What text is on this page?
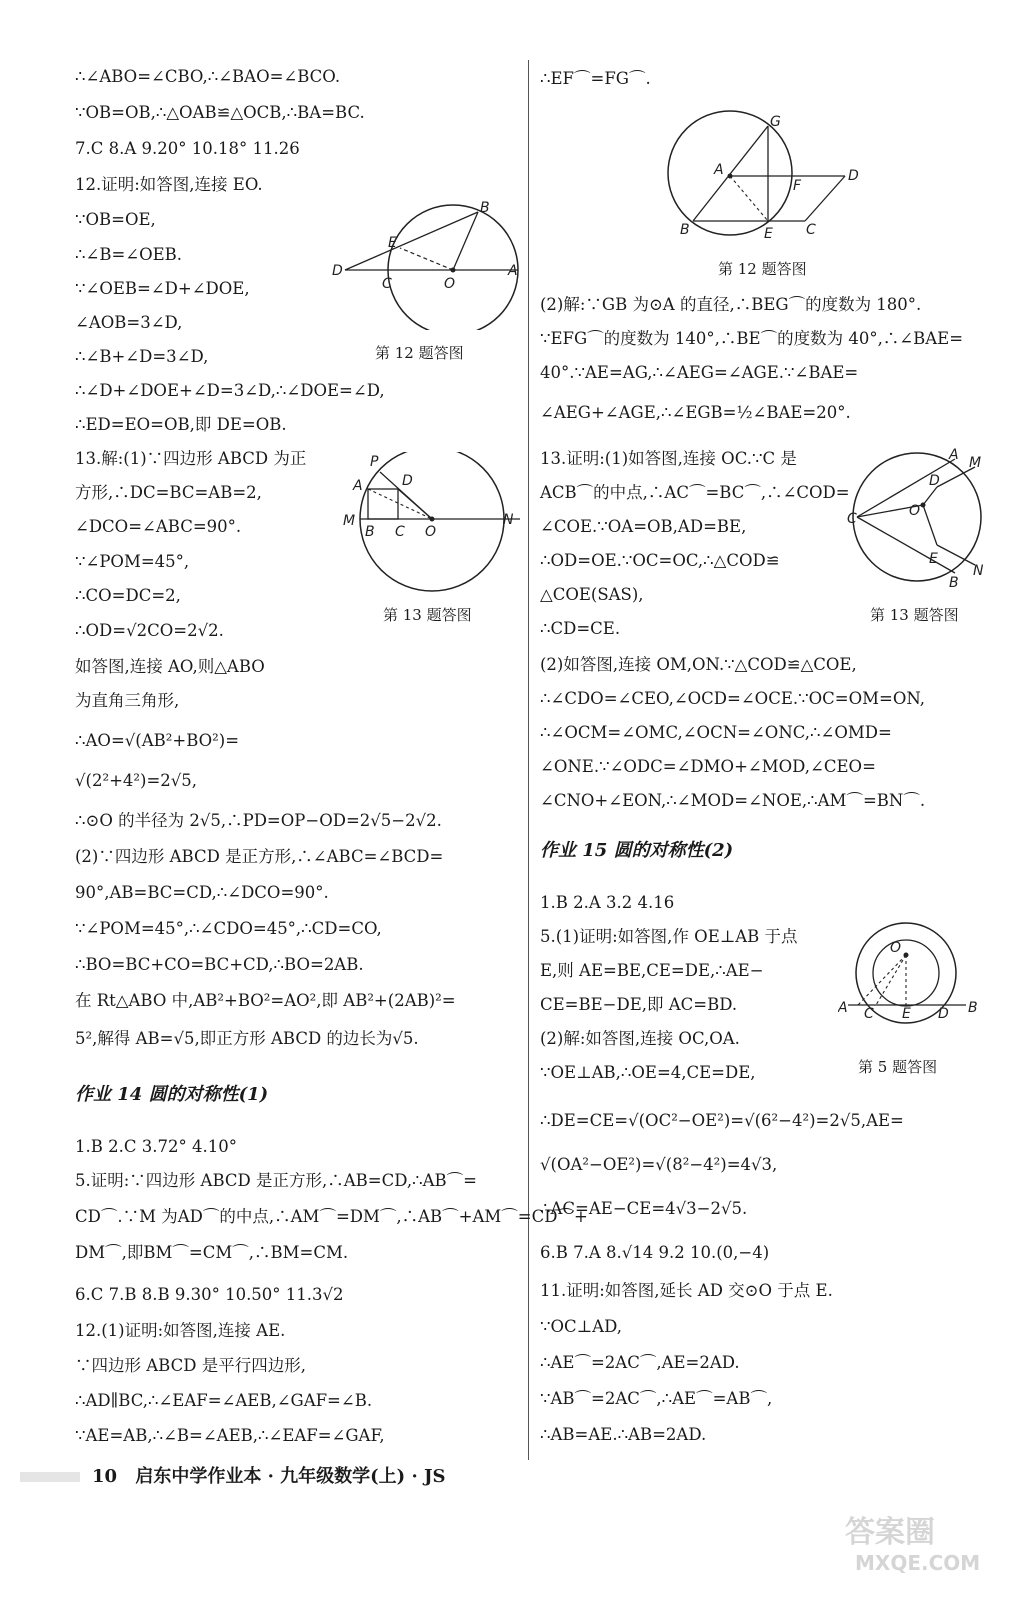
∴∠ABO=∠CBO,∴∠BAO=∠BCO.
∵OB=OB,∴△OAB≌△OCB,∴BA=BC.
7.C 8.A 9.20° 10.18° 11.26
12.证明:如答图,连接 EO.
∵OB=OE,
∴∠B=∠OEB.
∵∠OEB=∠D+∠DOE,
∠AOB=3∠D,
∴∠B+∠D=3∠D,
∴∠D+∠DOE+∠D=3∠D,∴∠DOE=∠D,
∴ED=EO=OB,即 DE=OB.
13.解:(1)∵四边形 ABCD 为正
方形,∴DC=BC=AB=2,
∠DCO=∠ABC=90°.
∵∠POM=45°,
∴CO=DC=2,
∴OD=√2CO=2√2.
如答图,连接 AO,则△ABO
为直角三角形,
∴AO=√(AB²+BO²)=
√(2²+4²)=2√5,
∴⊙O 的半径为 2√5,∴PD=OP−OD=2√5−2√2.
(2)∵四边形 ABCD 是正方形,∴∠ABC=∠BCD=
90°,AB=BC=CD,∴∠DCO=90°.
∵∠POM=45°,∴∠CDO=45°,∴CD=CO,
∴BO=BC+CO=BC+CD,∴BO=2AB.
在 Rt△ABO 中,AB²+BO²=AO²,即 AB²+(2AB)²=
5²,解得 AB=√5,即正方形 ABCD 的边长为√5.
作业 14 圆的对称性(1)
1.B 2.C 3.72° 4.10°
5.证明:∵四边形 ABCD 是正方形,∴AB=CD,∴AB⌒=
CD⌒.∵M 为AD⌒的中点,∴AM⌒=DM⌒,∴AB⌒+AM⌒=CD⌒+
DM⌒,即BM⌒=CM⌒,∴BM=CM.
6.C 7.B 8.B 9.30° 10.50° 11.3√2
12.(1)证明:如答图,连接 AE.
∵四边形 ABCD 是平行四边形,
∴AD∥BC,∴∠EAF=∠AEB,∠GAF=∠B.
∵AE=AB,∴∠B=∠AEB,∴∠EAF=∠GAF,
B
E
D
C	O
A
第 12 题答图
P
D
A
M
B C O
N
第 13 题答图
∴EF⌒=FG⌒.
(2)解:∵GB 为⊙A 的直径,∴BEG⌒的度数为 180°.
∵EFG⌒的度数为 140°,∴BE⌒的度数为 40°,∴∠BAE=
40°.∵AE=AG,∴∠AEG=∠AGE.∵∠BAE=
∠AEG+∠AGE,∴∠EGB=½∠BAE=20°.
13.证明:(1)如答图,连接 OC.∵C 是
ACB⌒的中点,∴AC⌒=BC⌒,∴∠COD=
∠COE.∵OA=OB,AD=BE,
∴OD=OE.∵OC=OC,∴△COD≌
△COE(SAS),
∴CD=CE.
(2)如答图,连接 OM,ON.∵△COD≌△COE,
∴∠CDO=∠CEO,∠OCD=∠OCE.∵OC=OM=ON,
∴∠OCM=∠OMC,∠OCN=∠ONC,∴∠OMD=
∠ONE.∵∠ODC=∠DMO+∠MOD,∠CEO=
∠CNO+∠EON,∴∠MOD=∠NOE,∴AM⌒=BN⌒.
作业 15 圆的对称性(2)
1.B 2.A 3.2 4.16
5.(1)证明:如答图,作 OE⊥AB 于点
E,则 AE=BE,CE=DE,∴AE−
CE=BE−DE,即 AC=BD.
(2)解:如答图,连接 OC,OA.
∵OE⊥AB,∴OE=4,CE=DE,
∴DE=CE=√(OC²−OE²)=√(6²−4²)=2√5,AE=
√(OA²−OE²)=√(8²−4²)=4√3,
∴AC=AE−CE=4√3−2√5.
6.B 7.A 8.√14 9.2 10.(0,−4)
11.证明:如答图,延长 AD 交⊙O 于点 E.
∵OC⊥AD,
∴AE⌒=2AC⌒,AE=2AD.
∵AB⌒=2AC⌒,∴AE⌒=AB⌒,
∴AB=AE.∴AB=2AD.
G
A
F
D
B	E C
第 12 题答图
A M
D
C	O
E
N
B
第 13 题答图
O
A C E D B
第 5 题答图
10 启东中学作业本 · 九年级数学(上) · JS
答案圈
MXQE.COM
